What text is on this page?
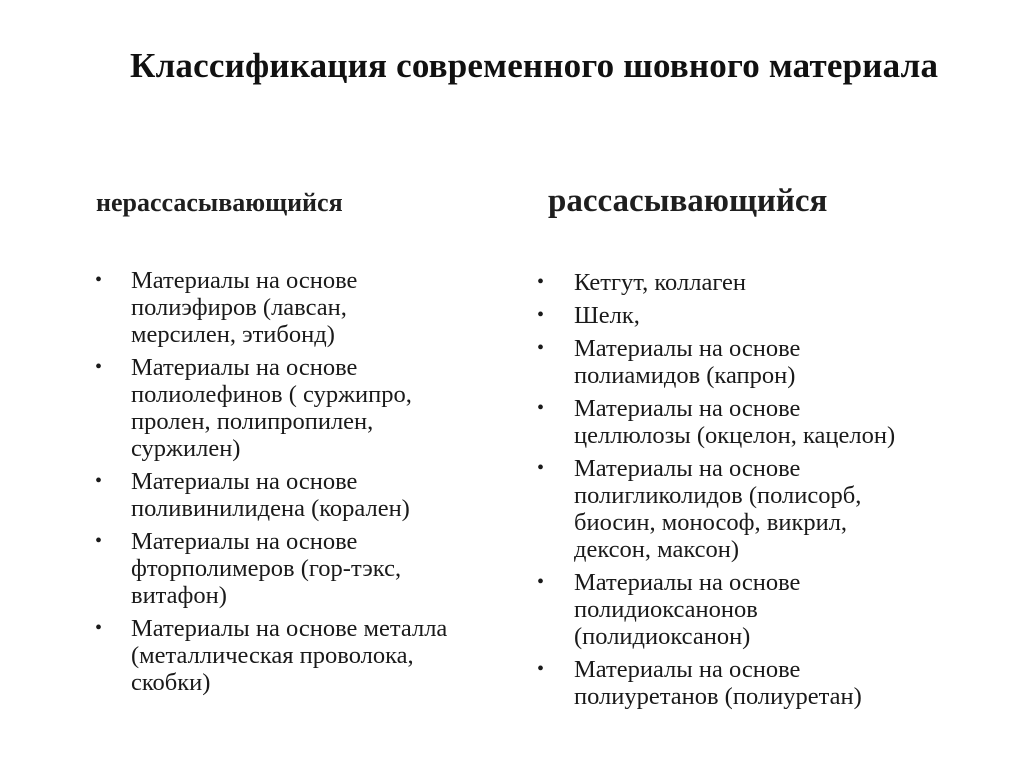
Классификация современного шовного материала
нерассасывающийся	рассасывающийся
• Материалы на основе
полиэфиров (лавсан,
мерсилен, этибонд)
• Материалы на основе
полиолефинов ( суржипро,
пролен, полипропилен,
суржилен)
• Материалы на основе
поливинилидена (корален)
• Материалы на основе
фторполимеров (гор-тэкс,
витафон)
• Материалы на основе металла
(металлическая проволока,
скобки)
• Кетгут, коллаген
• Шелк,
• Материалы на основе
полиамидов (капрон)
• Материалы на основе
целлюлозы (окцелон, кацелон)
• Материалы на основе
полигликолидов (полисорб,
биосин, монософ, викрил,
дексон, максон)
• Материалы на основе
полидиоксанонов
(полидиоксанон)
• Материалы на основе
полиуретанов (полиуретан)
